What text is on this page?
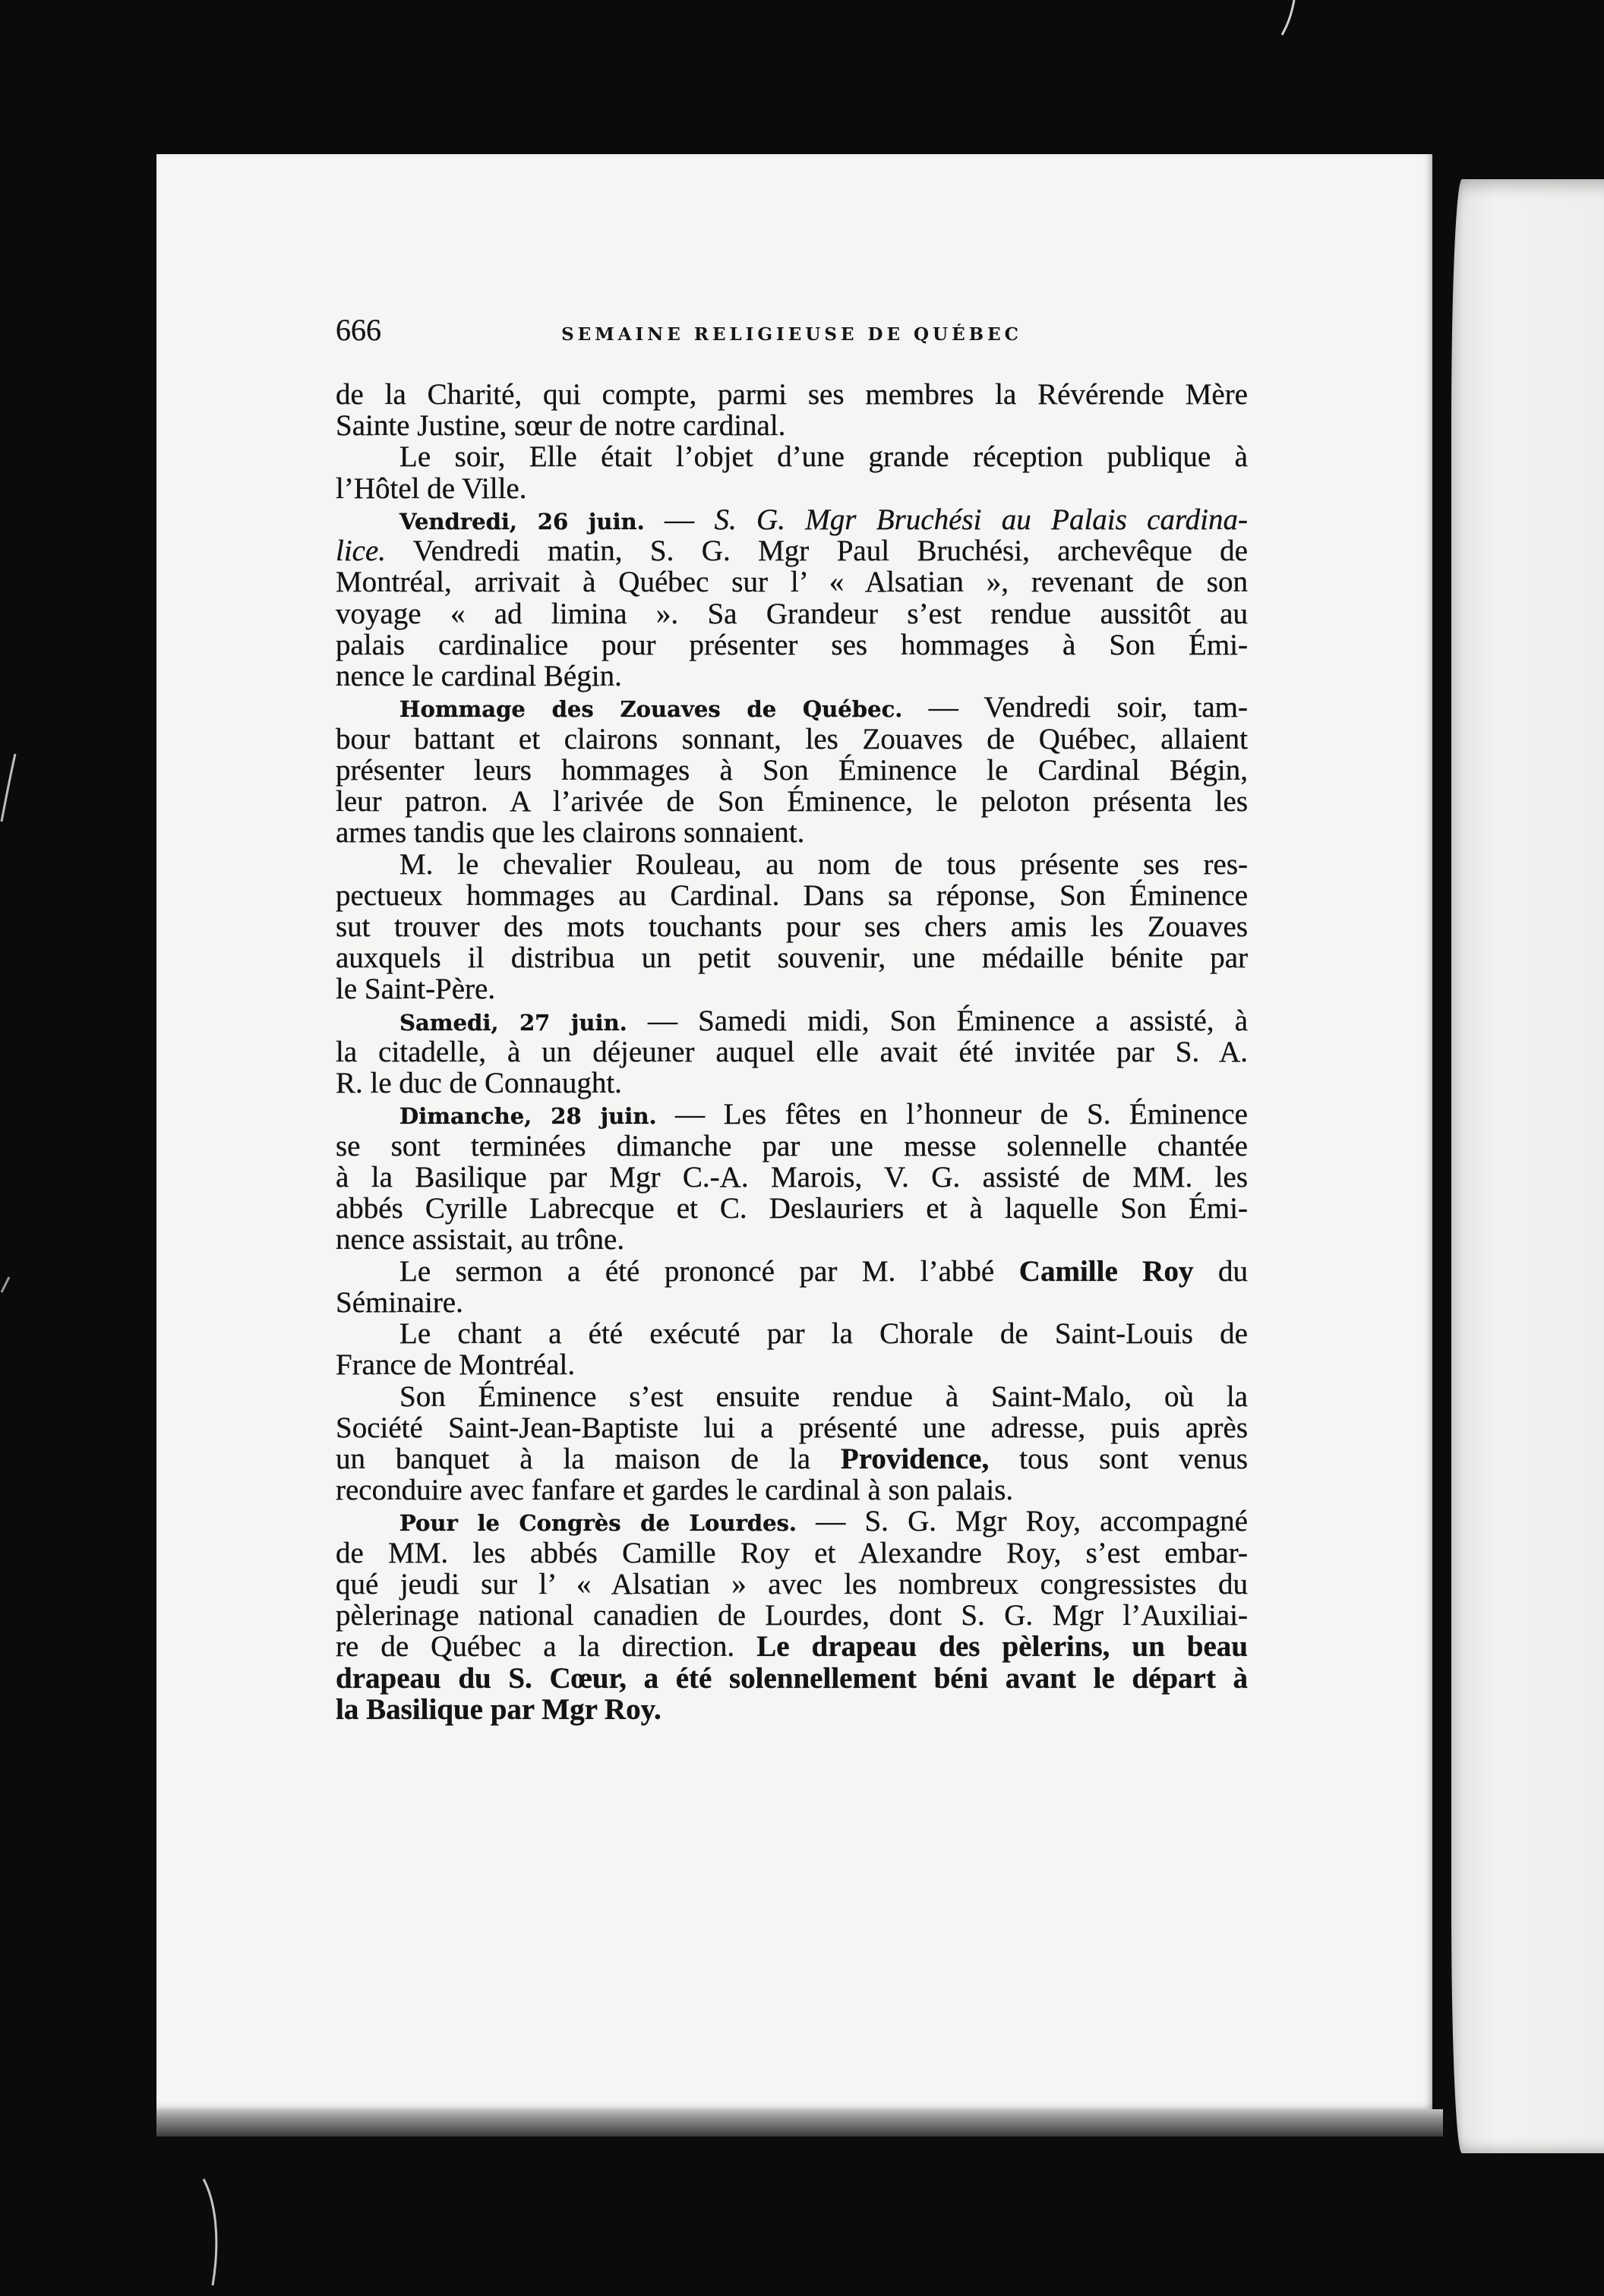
666	SEMAINE RELIGIEUSE DE QUÉBEC
de la Charité, qui compte, parmi ses membres la Révérende Mère
Sainte Justine, sœur de notre cardinal.
Le soir, Elle était l’objet d’une grande réception publique à
l’Hôtel de Ville.
Vendredi, 26 juin. — S. G. Mgr Bruchési au Palais cardina-
lice. Vendredi matin, S. G. Mgr Paul Bruchési, archevêque de
Montréal, arrivait à Québec sur l’ « Alsatian », revenant de son
voyage « ad limina ». Sa Grandeur s’est rendue aussitôt au
palais cardinalice pour présenter ses hommages à Son Émi-
nence le cardinal Bégin.
Hommage des Zouaves de Québec. — Vendredi soir, tam-
bour battant et clairons sonnant, les Zouaves de Québec, allaient
présenter leurs hommages à Son Éminence le Cardinal Bégin,
leur patron. A l’arivée de Son Éminence, le peloton présenta les
armes tandis que les clairons sonnaient.
M. le chevalier Rouleau, au nom de tous présente ses res-
pectueux hommages au Cardinal. Dans sa réponse, Son Éminence
sut trouver des mots touchants pour ses chers amis les Zouaves
auxquels il distribua un petit souvenir, une médaille bénite par
le Saint-Père.
Samedi, 27 juin. — Samedi midi, Son Éminence a assisté, à
la citadelle, à un déjeuner auquel elle avait été invitée par S. A.
R. le duc de Connaught.
Dimanche, 28 juin. — Les fêtes en l’honneur de S. Éminence
se sont terminées dimanche par une messe solennelle chantée
à la Basilique par Mgr C.-A. Marois, V. G. assisté de MM. les
abbés Cyrille Labrecque et C. Deslauriers et à laquelle Son Émi-
nence assistait, au trône.
Le sermon a été prononcé par M. l’abbé Camille Roy du
Séminaire.
Le chant a été exécuté par la Chorale de Saint-Louis de
France de Montréal.
Son Éminence s’est ensuite rendue à Saint-Malo, où la
Société Saint-Jean-Baptiste lui a présenté une adresse, puis après
un banquet à la maison de la Providence, tous sont venus
reconduire avec fanfare et gardes le cardinal à son palais.
Pour le Congrès de Lourdes. — S. G. Mgr Roy, accompagné
de MM. les abbés Camille Roy et Alexandre Roy, s’est embar-
qué jeudi sur l’ « Alsatian » avec les nombreux congressistes du
pèlerinage national canadien de Lourdes, dont S. G. Mgr l’Auxiliai-
re de Québec a la direction. Le drapeau des pèlerins, un beau
drapeau du S. Cœur, a été solennellement béni avant le départ à
la Basilique par Mgr Roy.
